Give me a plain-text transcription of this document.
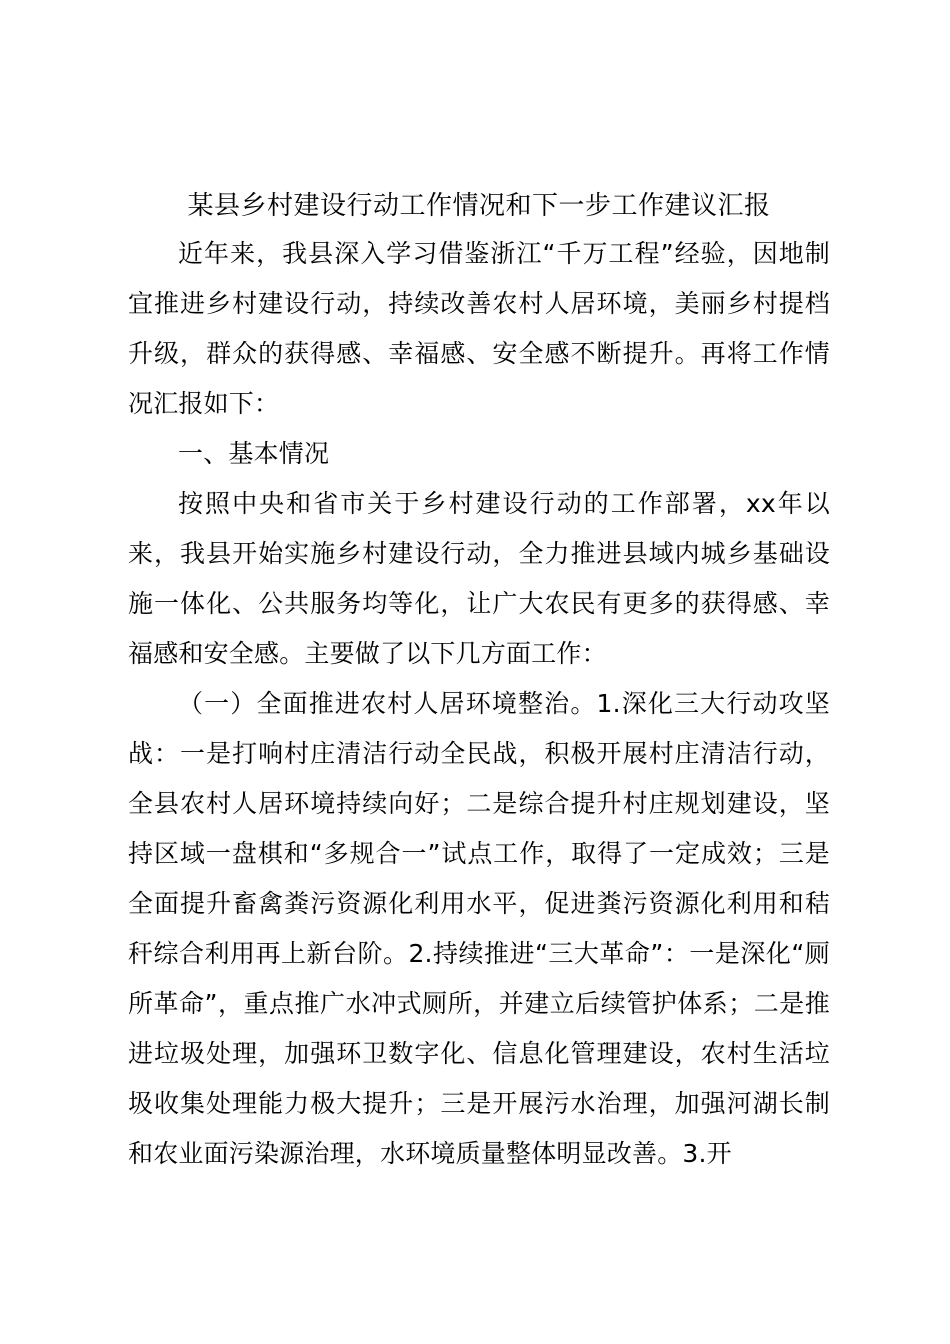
某县乡村建设行动工作情况和下一步工作建议汇报

近年来，我县深入学习借鉴浙江“千万工程”经验，因地制宜推进乡村建设行动，持续改善农村人居环境，美丽乡村提档升级，群众的获得感、幸福感、安全感不断提升。再将工作情况汇报如下：

一、基本情况

按照中央和省市关于乡村建设行动的工作部署，xx年以来，我县开始实施乡村建设行动，全力推进县域内城乡基础设施一体化、公共服务均等化，让广大农民有更多的获得感、幸福感和安全感。主要做了以下几方面工作：

（一）全面推进农村人居环境整治。1.深化三大行动攻坚战：一是打响村庄清洁行动全民战，积极开展村庄清洁行动，全县农村人居环境持续向好；二是综合提升村庄规划建设，坚持区域一盘棋和“多规合一”试点工作，取得了一定成效；三是全面提升畜禽粪污资源化利用水平，促进粪污资源化利用和秸秆综合利用再上新台阶。2.持续推进“三大革命”：一是深化“厕所革命”，重点推广水冲式厕所，并建立后续管护体系；二是推进垃圾处理，加强环卫数字化、信息化管理建设，农村生活垃圾收集处理能力极大提升；三是开展污水治理，加强河湖长制和农业面污染源治理，水环境质量整体明显改善。3.开
